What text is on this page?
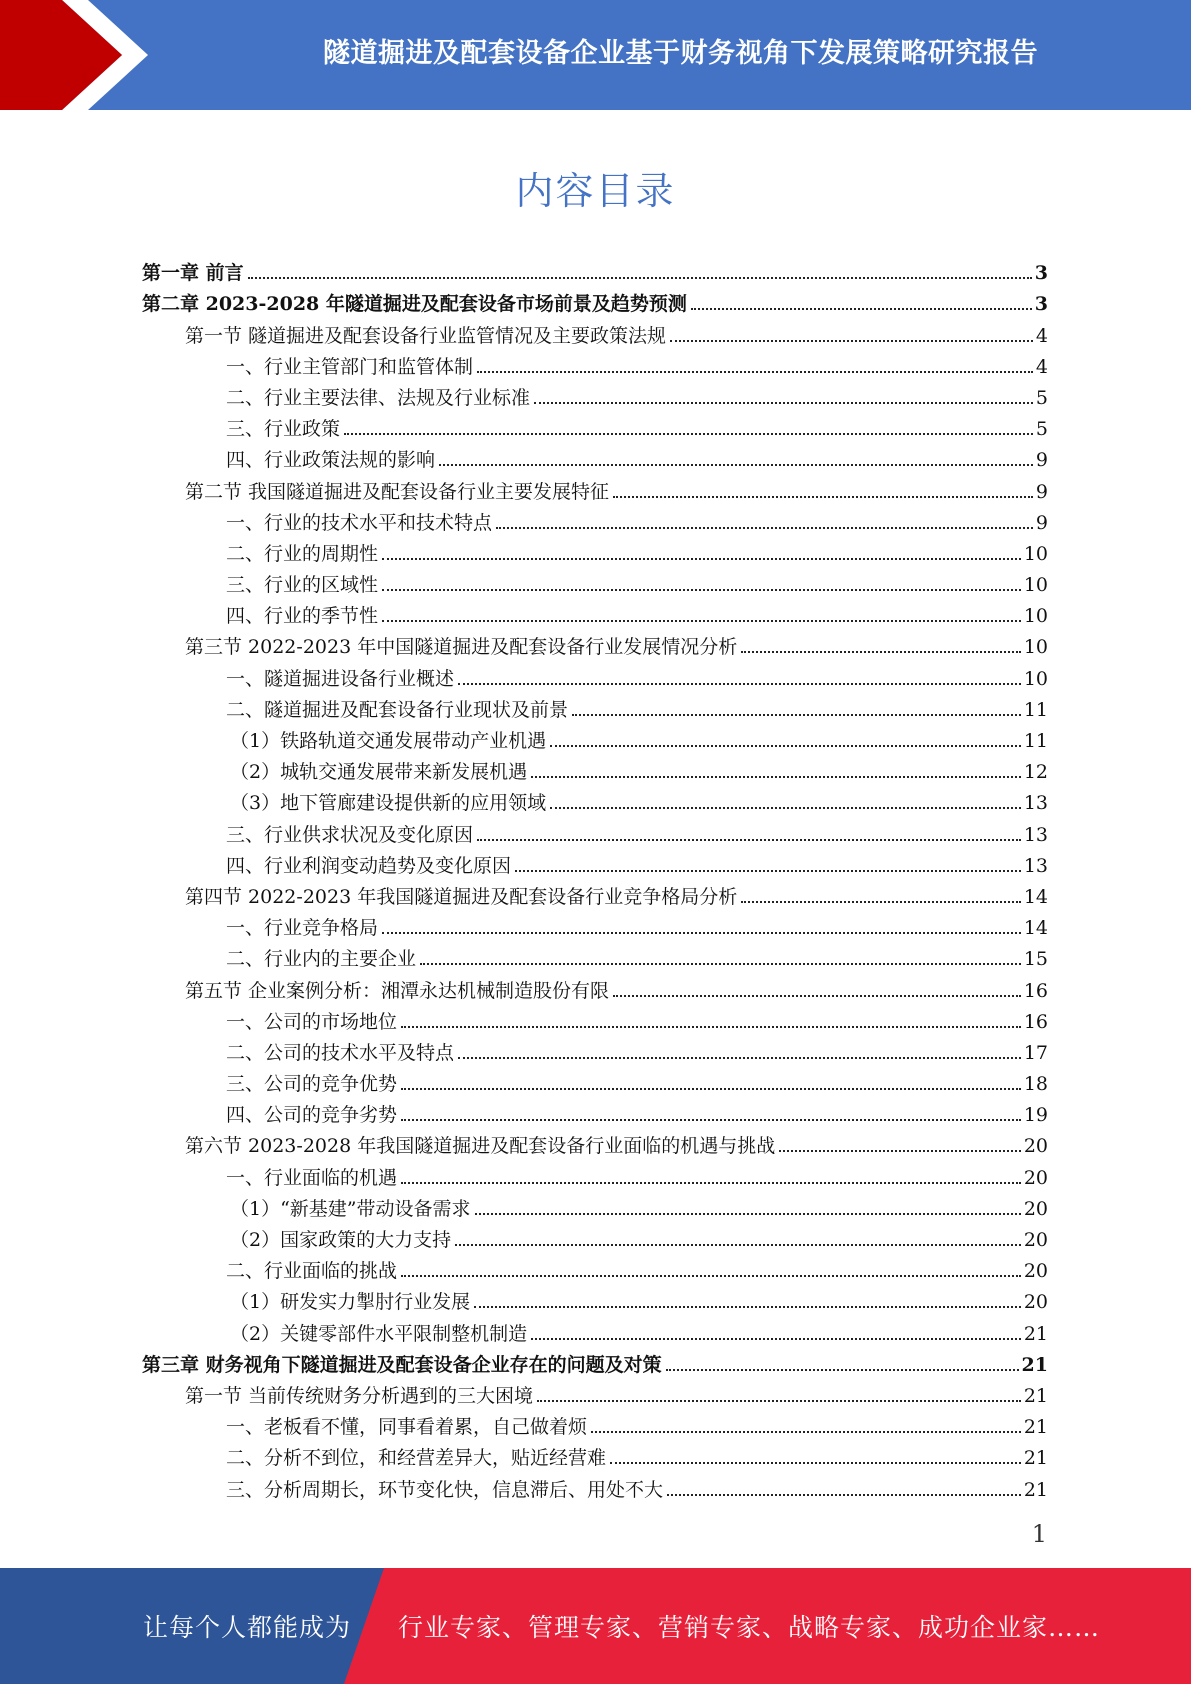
隧道掘进及配套设备企业基于财务视角下发展策略研究报告
内容目录
第一章 前言	3
第二章 2023-2028 年隧道掘进及配套设备市场前景及趋势预测	3
第一节 隧道掘进及配套设备行业监管情况及主要政策法规	4
一、行业主管部门和监管体制	4
二、行业主要法律、法规及行业标准	5
三、行业政策	5
四、行业政策法规的影响	9
第二节 我国隧道掘进及配套设备行业主要发展特征	9
一、行业的技术水平和技术特点	9
二、行业的周期性	10
三、行业的区域性	10
四、行业的季节性	10
第三节 2022-2023 年中国隧道掘进及配套设备行业发展情况分析	10
一、隧道掘进设备行业概述	10
二、隧道掘进及配套设备行业现状及前景	11
（1）铁路轨道交通发展带动产业机遇	11
（2）城轨交通发展带来新发展机遇	12
（3）地下管廊建设提供新的应用领域	13
三、行业供求状况及变化原因	13
四、行业利润变动趋势及变化原因	13
第四节 2022-2023 年我国隧道掘进及配套设备行业竞争格局分析	14
一、行业竞争格局	14
二、行业内的主要企业	15
第五节 企业案例分析：湘潭永达机械制造股份有限	16
一、公司的市场地位	16
二、公司的技术水平及特点	17
三、公司的竞争优势	18
四、公司的竞争劣势	19
第六节 2023-2028 年我国隧道掘进及配套设备行业面临的机遇与挑战	20
一、行业面临的机遇	20
（1）“新基建”带动设备需求	20
（2）国家政策的大力支持	20
二、行业面临的挑战	20
（1）研发实力掣肘行业发展	20
（2）关键零部件水平限制整机制造	21
第三章 财务视角下隧道掘进及配套设备企业存在的问题及对策	21
第一节 当前传统财务分析遇到的三大困境	21
一、老板看不懂，同事看着累，自己做着烦	21
二、分析不到位，和经营差异大，贴近经营难	21
三、分析周期长，环节变化快，信息滞后、用处不大	21
1
让每个人都能成为 行业专家、管理专家、营销专家、战略专家、成功企业家……
